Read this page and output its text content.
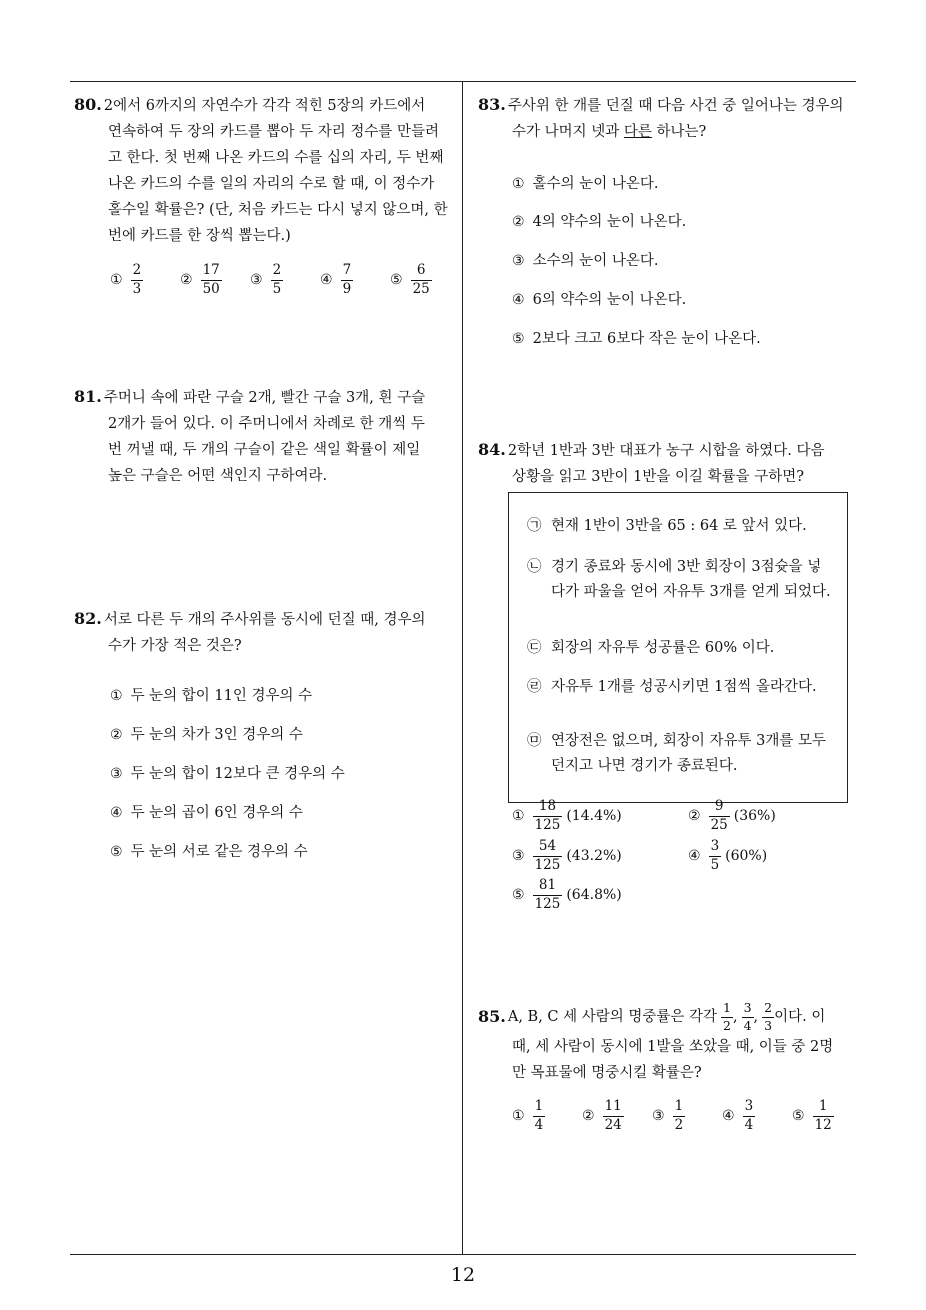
80. 2에서 6까지의 자연수가 각각 적힌 5장의 카드에서
연속하여 두 장의 카드를 뽑아 두 자리 정수를 만들려
고 한다. 첫 번째 나온 카드의 수를 십의 자리, 두 번째
나온 카드의 수를 일의 자리의 수로 할 때, 이 정수가
홀수일 확률은? (단, 처음 카드는 다시 넣지 않으며, 한
번에 카드를 한 장씩 뽑는다.)
① $\frac{2}{3}$	② $\frac{17}{50}$ ③ $\frac{2}{5}$	④ $\frac{7}{9}$	⑤ $\frac{6}{25}$
81. 주머니 속에 파란 구슬 2개, 빨간 구슬 3개, 흰 구슬
2개가 들어 있다. 이 주머니에서 차례로 한 개씩 두
번 꺼낼 때, 두 개의 구슬이 같은 색일 확률이 제일
높은 구슬은 어떤 색인지 구하여라.
82. 서로 다른 두 개의 주사위를 동시에 던질 때, 경우의
수가 가장 적은 것은?
① 두 눈의 합이 11인 경우의 수
② 두 눈의 차가 3인 경우의 수
③ 두 눈의 합이 12보다 큰 경우의 수
④ 두 눈의 곱이 6인 경우의 수
⑤ 두 눈의 서로 같은 경우의 수
83. 주사위 한 개를 던질 때 다음 사건 중 일어나는 경우의
수가 나머지 넷과 다른 하나는?
① 홀수의 눈이 나온다.
② 4의 약수의 눈이 나온다.
③ 소수의 눈이 나온다.
④ 6의 약수의 눈이 나온다.
⑤ 2보다 크고 6보다 작은 눈이 나온다.
84. 2학년 1반과 3반 대표가 농구 시합을 하였다. 다음
상황을 읽고 3반이 1반을 이길 확률을 구하면?
㉠ 현재 1반이 3반을 65 : 64 로 앞서 있다.
㉡ 경기 종료와 동시에 3반 회장이 3점슛을 넣다가 파울을 얻어 자유투 3개를 얻게 되었다.
㉢ 회장의 자유투 성공률은 60% 이다.
㉣ 자유투 1개를 성공시키면 1점씩 올라간다.
㉤ 연장전은 없으며, 회장이 자유투 3개를 모두 던지고 나면 경기가 종료된다.
① $\frac{18}{125} (14.4\%)$	② $\frac{9}{25} (36\%)$
③ $\frac{54}{125} (43.2\%)$	④ $\frac{3}{5} (60\%)$
⑤ $\frac{81}{125} (64.8\%)$
85. A, B, C 세 사람의 명중률은 각각 $\frac{1}{2}$ , $\frac{3}{4}$ , $\frac{2}{3}$ 이다. 이
때, 세 사람이 동시에 1발을 쏘았을 때, 이들 중 2명
만 목표물에 명중시킬 확률은?
① $\frac{1}{4}$	② $\frac{11}{24}$ ③ $\frac{1}{2}$	④ $\frac{3}{4}$	⑤ $\frac{1}{12}$
12
